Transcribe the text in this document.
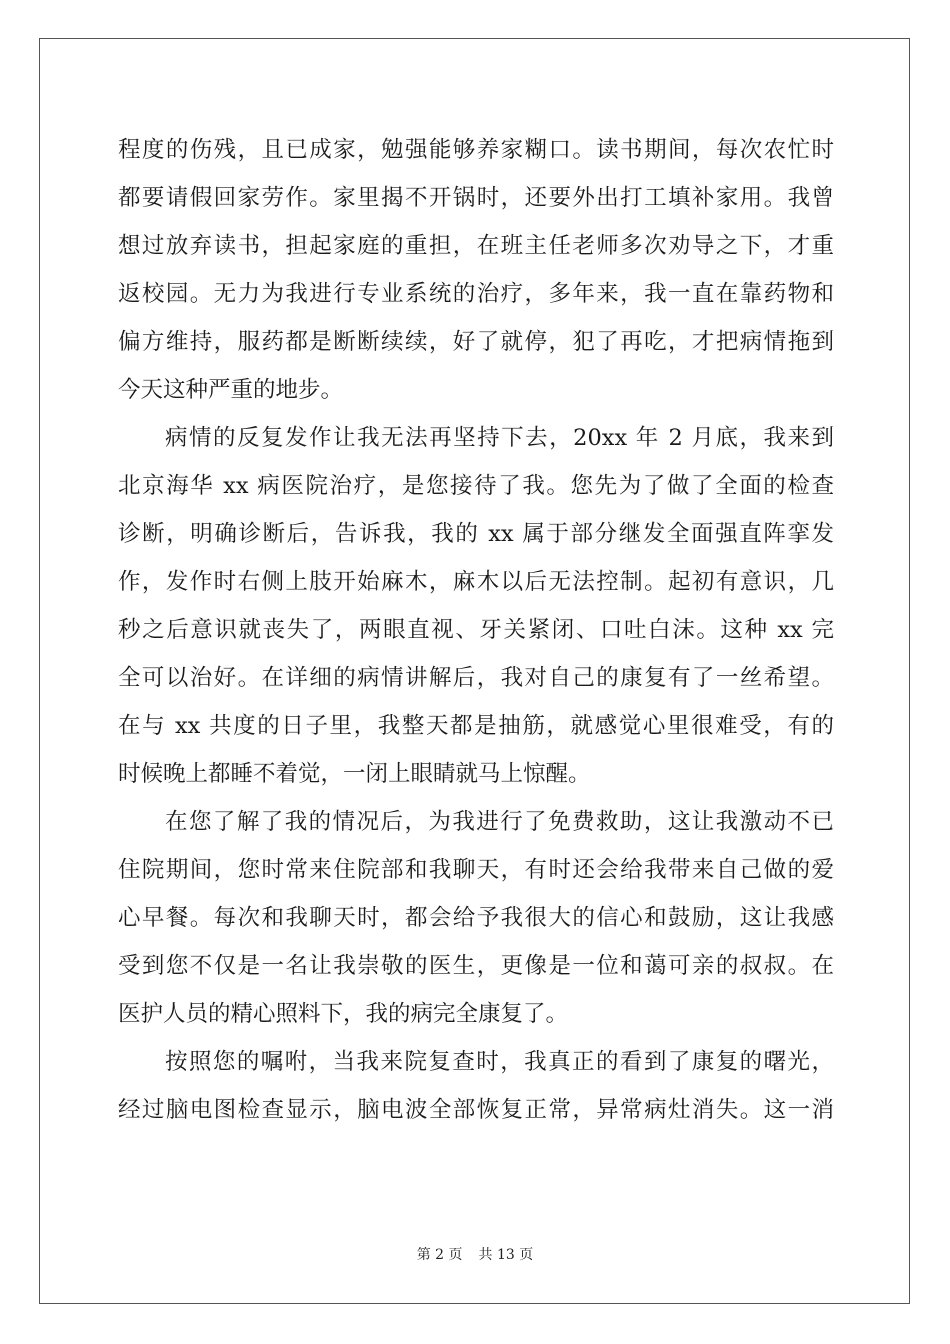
程度的伤残，且已成家，勉强能够养家糊口。读书期间，每次农忙时
都要请假回家劳作。家里揭不开锅时，还要外出打工填补家用。我曾
想过放弃读书，担起家庭的重担，在班主任老师多次劝导之下，才重
返校园。无力为我进行专业系统的治疗，多年来，我一直在靠药物和
偏方维持，服药都是断断续续，好了就停，犯了再吃，才把病情拖到
今天这种严重的地步。
病情的反复发作让我无法再坚持下去，20xx 年 2 月底，我来到
北京海华 xx 病医院治疗，是您接待了我。您先为了做了全面的检查
诊断，明确诊断后，告诉我，我的 xx 属于部分继发全面强直阵挛发
作，发作时右侧上肢开始麻木，麻木以后无法控制。起初有意识，几
秒之后意识就丧失了，两眼直视、牙关紧闭、口吐白沫。这种 xx 完
全可以治好。在详细的病情讲解后，我对自己的康复有了一丝希望。
在与 xx 共度的日子里，我整天都是抽筋，就感觉心里很难受，有的
时候晚上都睡不着觉，一闭上眼睛就马上惊醒。
在您了解了我的情况后，为我进行了免费救助，这让我激动不已
住院期间，您时常来住院部和我聊天，有时还会给我带来自己做的爱
心早餐。每次和我聊天时，都会给予我很大的信心和鼓励，这让我感
受到您不仅是一名让我崇敬的医生，更像是一位和蔼可亲的叔叔。在
医护人员的精心照料下，我的病完全康复了。
按照您的嘱咐，当我来院复查时，我真正的看到了康复的曙光，
经过脑电图检查显示，脑电波全部恢复正常，异常病灶消失。这一消
第 2 页 共 13 页
